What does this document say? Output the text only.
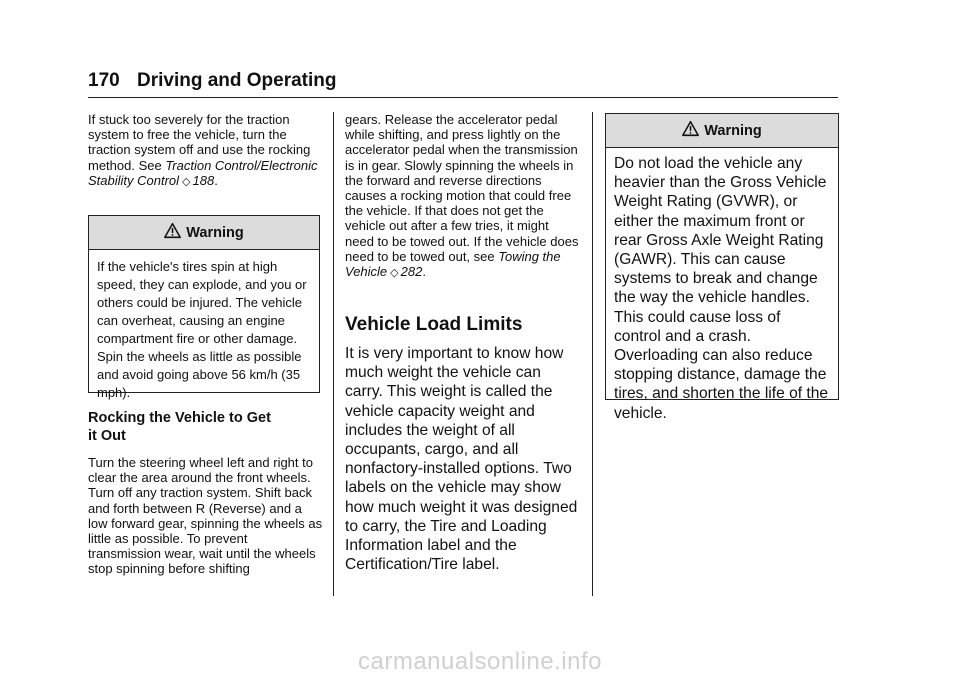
170 Driving and Operating

If stuck too severely for the traction system to free the vehicle, turn the traction system off and use the rocking method. See Traction Control/Electronic Stability Control ◇ 188.

Warning

If the vehicle's tires spin at high speed, they can explode, and you or others could be injured. The vehicle can overheat, causing an engine compartment fire or other damage. Spin the wheels as little as possible and avoid going above 56 km/h (35 mph).

Rocking the Vehicle to Get
it Out

Turn the steering wheel left and right to clear the area around the front wheels. Turn off any traction system. Shift back and forth between R (Reverse) and a low forward gear, spinning the wheels as little as possible. To prevent transmission wear, wait until the wheels stop spinning before shifting

gears. Release the accelerator pedal while shifting, and press lightly on the accelerator pedal when the transmission is in gear. Slowly spinning the wheels in the forward and reverse directions causes a rocking motion that could free the vehicle. If that does not get the vehicle out after a few tries, it might need to be towed out. If the vehicle does need to be towed out, see Towing the Vehicle ◇ 282.

Vehicle Load Limits

It is very important to know how much weight the vehicle can carry. This weight is called the vehicle capacity weight and includes the weight of all occupants, cargo, and all nonfactory-installed options. Two labels on the vehicle may show how much weight it was designed to carry, the Tire and Loading Information label and the Certification/Tire label.

Warning

Do not load the vehicle any heavier than the Gross Vehicle Weight Rating (GVWR), or either the maximum front or rear Gross Axle Weight Rating (GAWR). This can cause systems to break and change the way the vehicle handles. This could cause loss of control and a crash. Overloading can also reduce stopping distance, damage the tires, and shorten the life of the vehicle.

carmanualsonline.info
